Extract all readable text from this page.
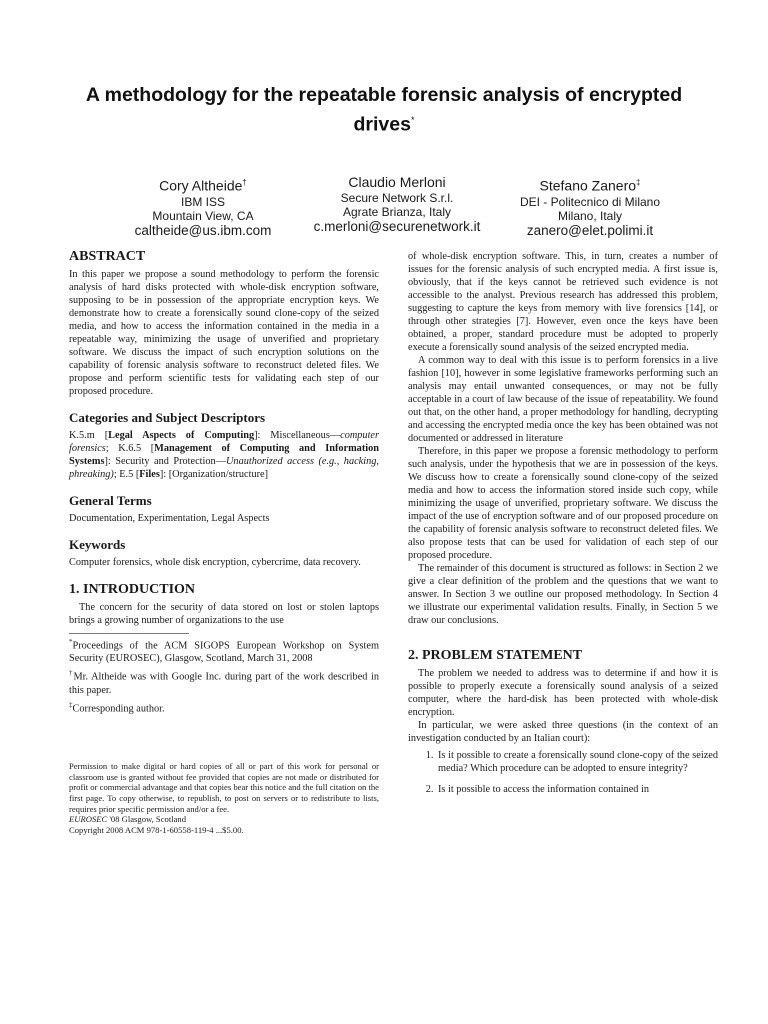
A methodology for the repeatable forensic analysis of encrypted drives*
Cory Altheide†
IBM ISS
Mountain View, CA
caltheide@us.ibm.com
Claudio Merloni
Secure Network S.r.l.
Agrate Brianza, Italy
c.merloni@securenetwork.it
Stefano Zanero‡
DEI - Politecnico di Milano
Milano, Italy
zanero@elet.polimi.it
ABSTRACT

In this paper we propose a sound methodology to perform the forensic analysis of hard disks protected with whole-disk encryption software, supposing to be in possession of the appropriate encryption keys. We demonstrate how to create a forensically sound clone-copy of the seized media, and how to access the information contained in the media in a repeatable way, minimizing the usage of unverified and proprietary software. We discuss the impact of such encryption solutions on the capability of forensic analysis software to reconstruct deleted files. We propose and perform scientific tests for validating each step of our proposed procedure.

Categories and Subject Descriptors

K.5.m [Legal Aspects of Computing]: Miscellaneous—computer forensics; K.6.5 [Management of Computing and Information Systems]: Security and Protection—Unauthorized access (e.g., hacking, phreaking); E.5 [Files]: [Organization/structure]

General Terms

Documentation, Experimentation, Legal Aspects

Keywords

Computer forensics, whole disk encryption, cybercrime, data recovery.

1. INTRODUCTION

The concern for the security of data stored on lost or stolen laptops brings a growing number of organizations to the use

*Proceedings of the ACM SIGOPS European Workshop on System Security (EUROSEC), Glasgow, Scotland, March 31, 2008

†Mr. Altheide was with Google Inc. during part of the work described in this paper.

‡Corresponding author.

Permission to make digital or hard copies of all or part of this work for personal or classroom use is granted without fee provided that copies are not made or distributed for profit or commercial advantage and that copies bear this notice and the full citation on the first page. To copy otherwise, to republish, to post on servers or to redistribute to lists, requires prior specific permission and/or a fee.

EUROSEC '08 Glasgow, Scotland

Copyright 2008 ACM 978-1-60558-119-4 ...$5.00.

of whole-disk encryption software. This, in turn, creates a number of issues for the forensic analysis of such encrypted media. A first issue is, obviously, that if the keys cannot be retrieved such evidence is not accessible to the analyst. Previous research has addressed this problem, suggesting to capture the keys from memory with live forensics [14], or through other strategies [7]. However, even once the keys have been obtained, a proper, standard procedure must be adopted to properly execute a forensically sound analysis of the seized encrypted media.

A common way to deal with this issue is to perform forensics in a live fashion [10], however in some legislative frameworks performing such an analysis may entail unwanted consequences, or may not be fully acceptable in a court of law because of the issue of repeatability. We found out that, on the other hand, a proper methodology for handling, decrypting and accessing the encrypted media once the key has been obtained was not documented or addressed in literature

Therefore, in this paper we propose a forensic methodology to perform such analysis, under the hypothesis that we are in possession of the keys. We discuss how to create a forensically sound clone-copy of the seized media and how to access the information stored inside such copy, while minimizing the usage of unverified, proprietary software. We discuss the impact of the use of encryption software and of our proposed procedure on the capability of forensic analysis software to reconstruct deleted files. We also propose tests that can be used for validation of each step of our proposed procedure.

The remainder of this document is structured as follows: in Section 2 we give a clear definition of the problem and the questions that we want to answer. In Section 3 we outline our proposed methodology. In Section 4 we illustrate our experimental validation results. Finally, in Section 5 we draw our conclusions.

2. PROBLEM STATEMENT

The problem we needed to address was to determine if and how it is possible to properly execute a forensically sound analysis of a seized computer, where the hard-disk has been protected with whole-disk encryption.

In particular, we were asked three questions (in the context of an investigation conducted by an Italian court):

1. Is it possible to create a forensically sound clone-copy of the seized media? Which procedure can be adopted to ensure integrity?
2. Is it possible to access the information contained in
